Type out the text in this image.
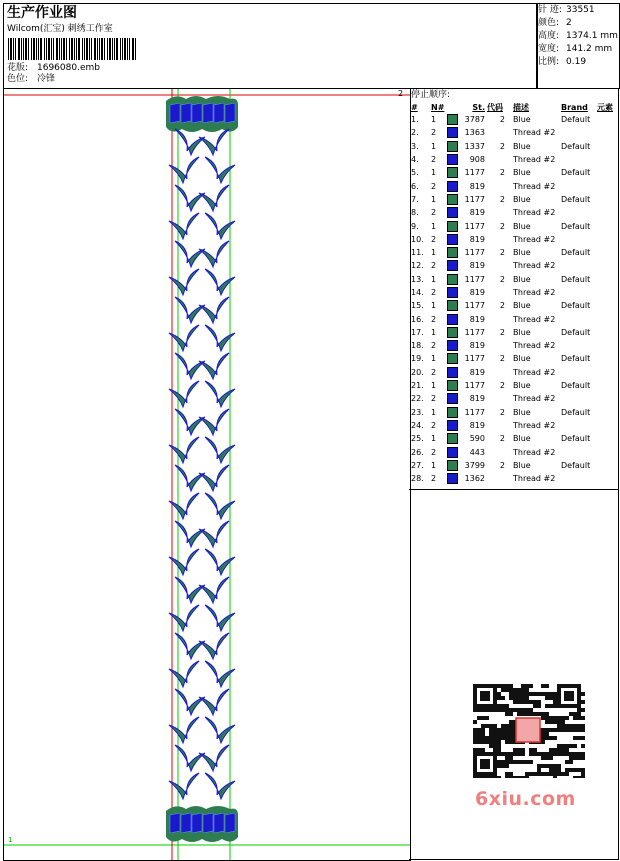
生产作业图
Wilcom(汇宝) 刺绣工作室
花版: 1696080.emb
色位: 冷锋
针 迹: 33551
颜色: 2
高度: 1374.1 mm
宽度: 141.2 mm
比例: 0.19
2
1
停止顺序:
#	N#		St.	代码	描述	Brand	元素
1.	1		3787	2	Blue	Default	
2.	2		1363		Thread #2		
3.	1		1337	2	Blue	Default	
4.	2		908		Thread #2		
5.	1		1177	2	Blue	Default	
6.	2		819		Thread #2		
7.	1		1177	2	Blue	Default	
8.	2		819		Thread #2		
9.	1		1177	2	Blue	Default	
10.	2		819		Thread #2		
11.	1		1177	2	Blue	Default	
12.	2		819		Thread #2		
13.	1		1177	2	Blue	Default	
14.	2		819		Thread #2		
15.	1		1177	2	Blue	Default	
16.	2		819		Thread #2		
17.	1		1177	2	Blue	Default	
18.	2		819		Thread #2		
19.	1		1177	2	Blue	Default	
20.	2		819		Thread #2		
21.	1		1177	2	Blue	Default	
22.	2		819		Thread #2		
23.	1		1177	2	Blue	Default	
24.	2		819		Thread #2		
25.	1		590	2	Blue	Default	
26.	2		443		Thread #2		
27.	1		3799	2	Blue	Default	
28.	2		1362		Thread #2		
6xiu.com
